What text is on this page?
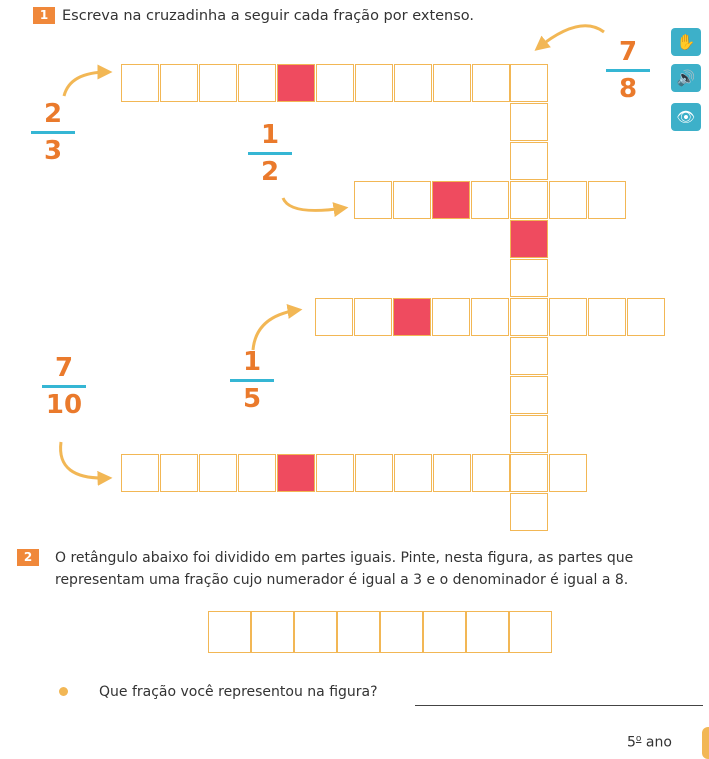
1 Escreva na cruzadinha a seguir cada fração por extenso.
✋
🔊
👁
2
3
1
2
7
8
1
5
7
10
2	O retângulo abaixo foi dividido em partes iguais. Pinte, nesta figura, as partes que
representam uma fração cujo numerador é igual a 3 e o denominador é igual a 8.
Que fração você representou na figura?
5$^o$ ano
